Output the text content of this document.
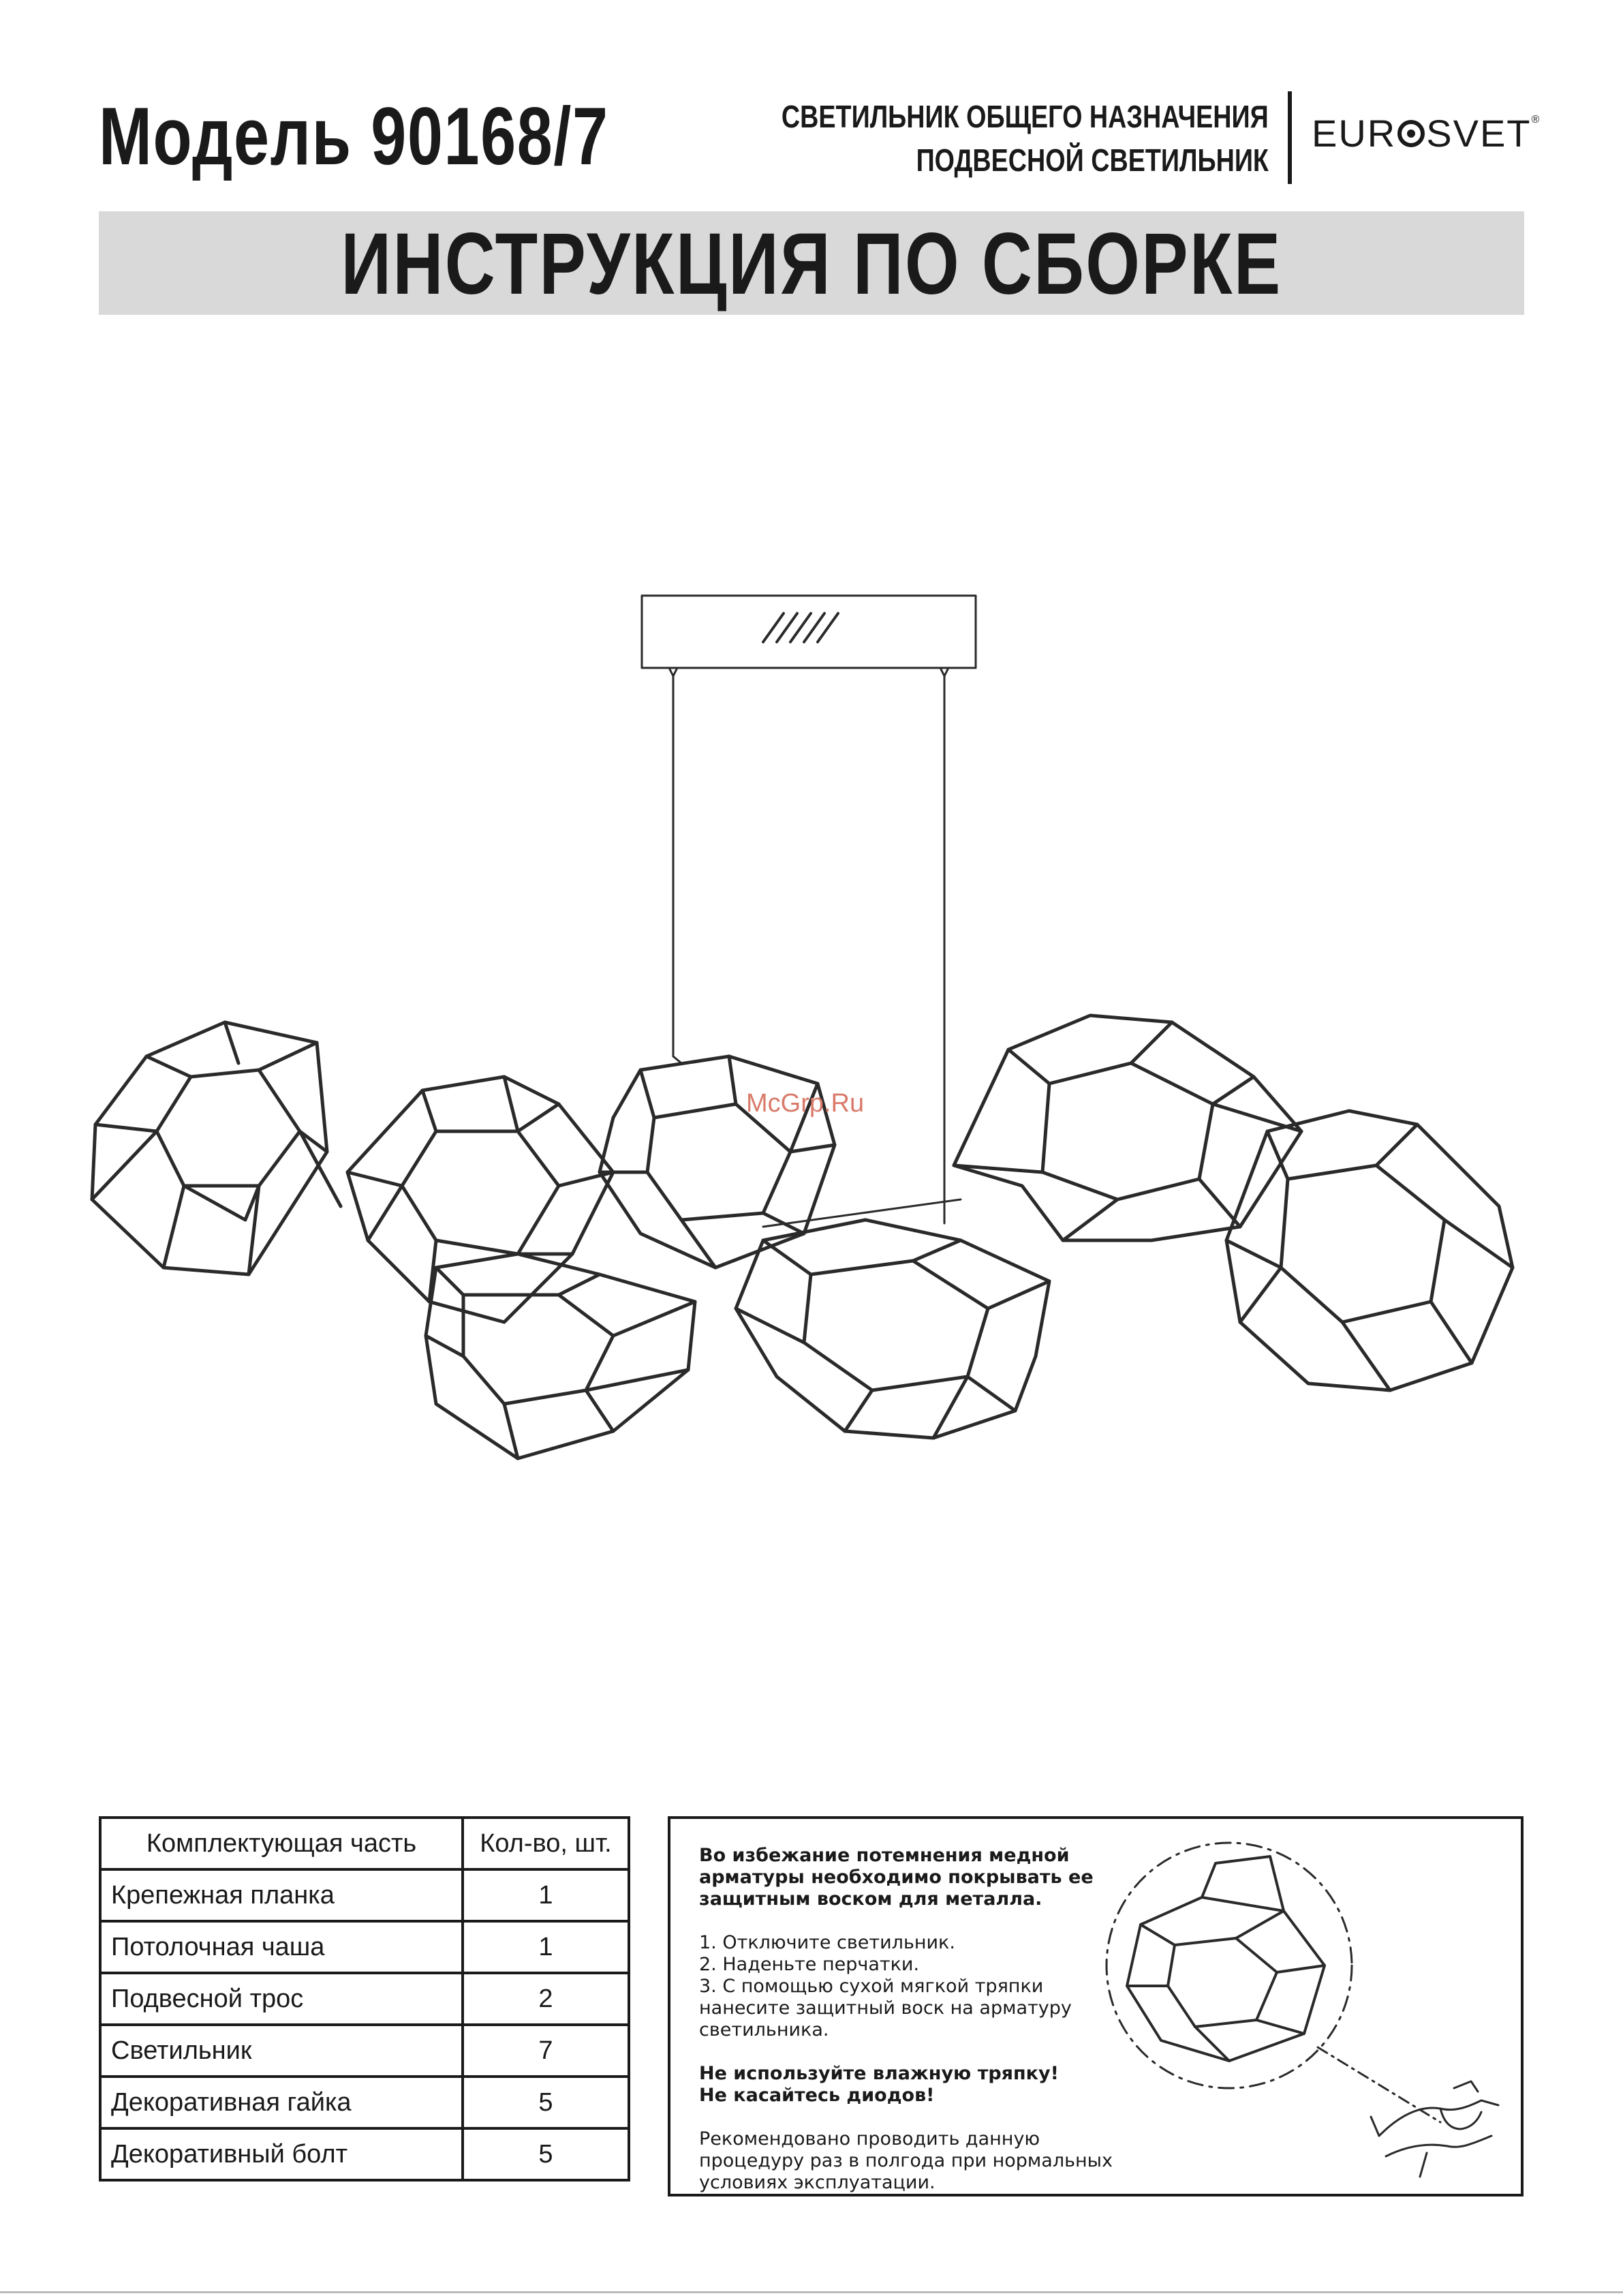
Модель 90168/7	СВЕТИЛЬНИК ОБЩЕГО НАЗНАЧЕНИЯ
ПОДВЕСНОЙ СВЕТИЛЬНИК
EUR SVET®
ИНСТРУКЦИЯ ПО СБОРКЕ
McGrp.Ru
Комплектующая часть	Кол-во, шт.
Крепежная планка	1
Потолочная чаша	1
Подвесной трос	2
Светильник	7
Декоративная гайка	5
Декоративный болт	5

Во избежание потемнения медной арматуры необходимо покрывать ее защитным воском для металла.

1. Отключите светильник.
2. Наденьте перчатки.
3. С помощью сухой мягкой тряпки нанесите защитный воск на арматуру светильника.

Не используйте влажную тряпку!
Не касайтесь диодов!

Рекомендовано проводить данную процедуру раз в полгода при нормальных условиях эксплуатации.
